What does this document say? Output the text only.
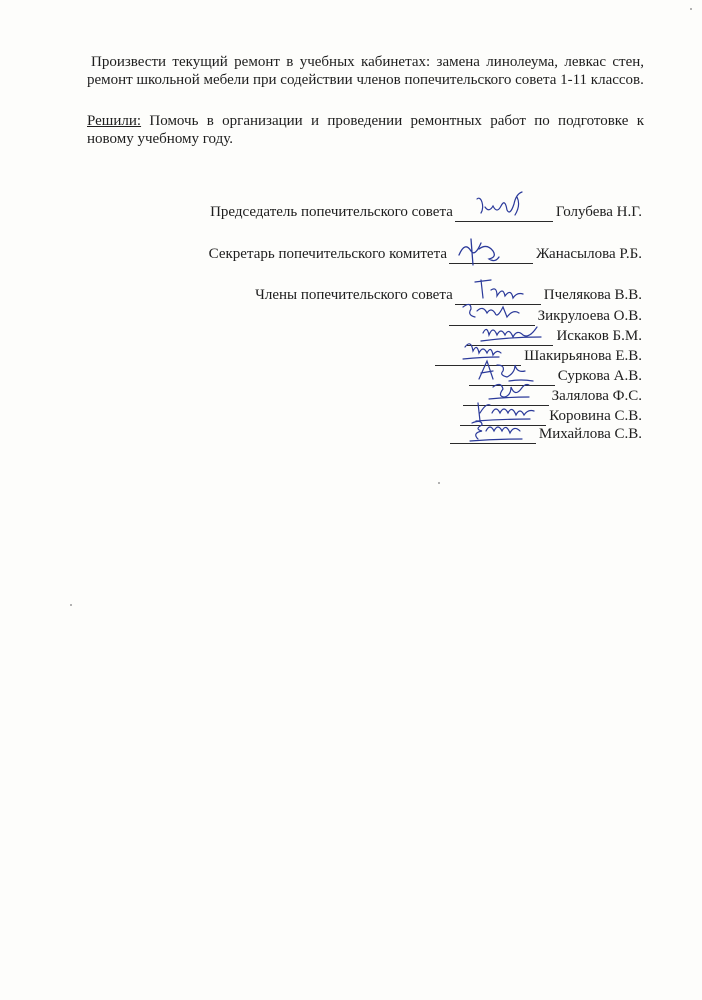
Произвести текущий ремонт в учебных кабинетах: замена линолеума, левкас стен, ремонт школьной мебели при содействии членов попечительского совета 1-11 классов.

Решили: Помочь в организации и проведении ремонтных работ по подготовке к новому учебному году.

Председатель попечительского совета	Голубева Н.Г.
Секретарь попечительского комитета	Жанасылова Р.Б.
Члены попечительского совета	Пчелякова В.В.
Зикрулоева О.В.
Искаков Б.М.
Шакирьянова Е.В.
Суркова А.В.
Залялова Ф.С.
Коровина С.В.
Михайлова С.В.
